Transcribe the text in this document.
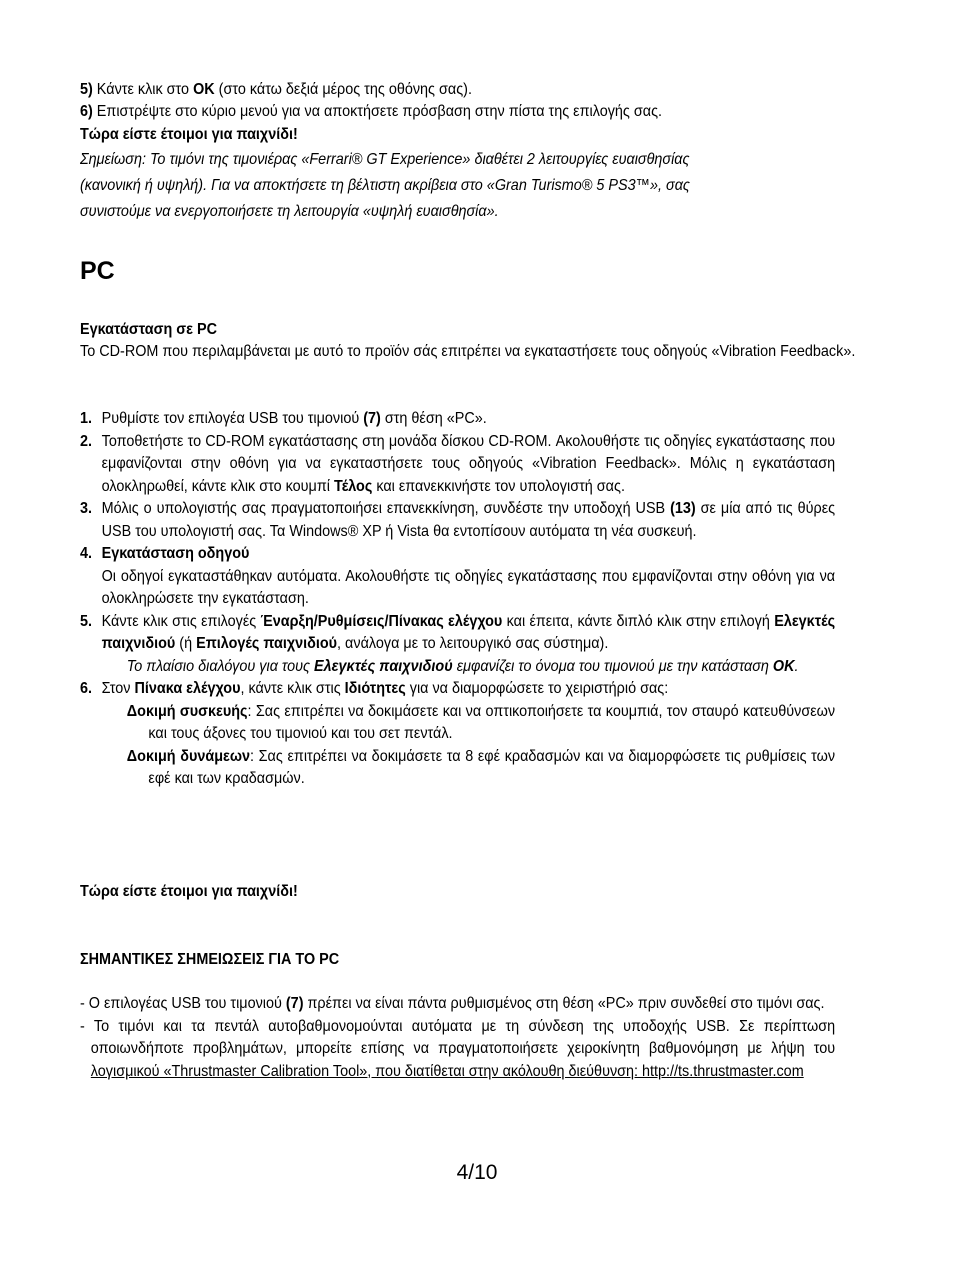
5) Κάντε κλικ στο OK (στο κάτω δεξιά μέρος της οθόνης σας).
6) Επιστρέψτε στο κύριο μενού για να αποκτήσετε πρόσβαση στην πίστα της επιλογής σας.
Τώρα είστε έτοιμοι για παιχνίδι!
Σημείωση: Το τιμόνι της τιμονιέρας «Ferrari® GT Experience» διαθέτει 2 λειτουργίες ευαισθησίας
(κανονική ή υψηλή). Για να αποκτήσετε τη βέλτιστη ακρίβεια στο «Gran Turismo® 5 PS3™», σας
συνιστούμε να ενεργοποιήσετε τη λειτουργία «υψηλή ευαισθησία».
PC
Εγκατάσταση σε PC
Το CD-ROM που περιλαμβάνεται με αυτό το προϊόν σάς επιτρέπει να εγκαταστήσετε τους οδηγούς «Vibration Feedback».
1. Ρυθμίστε τον επιλογέα USB του τιμονιού (7) στη θέση «PC».
2. Τοποθετήστε το CD-ROM εγκατάστασης στη μονάδα δίσκου CD-ROM. Ακολουθήστε τις οδηγίες εγκατάστασης που εμφανίζονται στην οθόνη για να εγκαταστήσετε τους οδηγούς «Vibration Feedback». Μόλις η εγκατάσταση ολοκληρωθεί, κάντε κλικ στο κουμπί Τέλος και επανεκκινήστε τον υπολογιστή σας.
3. Μόλις ο υπολογιστής σας πραγματοποιήσει επανεκκίνηση, συνδέστε την υποδοχή USB (13) σε μία από τις θύρες USB του υπολογιστή σας. Τα Windows® XP ή Vista θα εντοπίσουν αυτόματα τη νέα συσκευή.
4. Εγκατάσταση οδηγού
Οι οδηγοί εγκαταστάθηκαν αυτόματα. Ακολουθήστε τις οδηγίες εγκατάστασης που εμφανίζονται στην οθόνη για να ολοκληρώσετε την εγκατάσταση.
5. Κάντε κλικ στις επιλογές Έναρξη/Ρυθμίσεις/Πίνακας ελέγχου και έπειτα, κάντε διπλό κλικ στην επιλογή Ελεγκτές παιχνιδιού (ή Επιλογές παιχνιδιού, ανάλογα με το λειτουργικό σας σύστημα).
Το πλαίσιο διαλόγου για τους Ελεγκτές παιχνιδιού εμφανίζει το όνομα του τιμονιού με την κατάσταση OK.
6. Στον Πίνακα ελέγχου, κάντε κλικ στις Ιδιότητες για να διαμορφώσετε το χειριστήριό σας:
Δοκιμή συσκευής: Σας επιτρέπει να δοκιμάσετε και να οπτικοποιήσετε τα κουμπιά, τον σταυρό κατευθύνσεων και τους άξονες του τιμονιού και του σετ πεντάλ.
Δοκιμή δυνάμεων: Σας επιτρέπει να δοκιμάσετε τα 8 εφέ κραδασμών και να διαμορφώσετε τις ρυθμίσεις των εφέ και των κραδασμών.
Τώρα είστε έτοιμοι για παιχνίδι!
ΣΗΜΑΝΤΙΚΕΣ ΣΗΜΕΙΩΣΕΙΣ ΓΙΑ ΤΟ PC
- Ο επιλογέας USB του τιμονιού (7) πρέπει να είναι πάντα ρυθμισμένος στη θέση «PC» πριν συνδεθεί στο τιμόνι σας.
- Το τιμόνι και τα πεντάλ αυτοβαθμονομούνται αυτόματα με τη σύνδεση της υποδοχής USB. Σε περίπτωση οποιωνδήποτε προβλημάτων, μπορείτε επίσης να πραγματοποιήσετε χειροκίνητη βαθμονόμηση με λήψη του λογισμικού «Thrustmaster Calibration Tool», που διατίθεται στην ακόλουθη διεύθυνση: http://ts.thrustmaster.com
4/10
